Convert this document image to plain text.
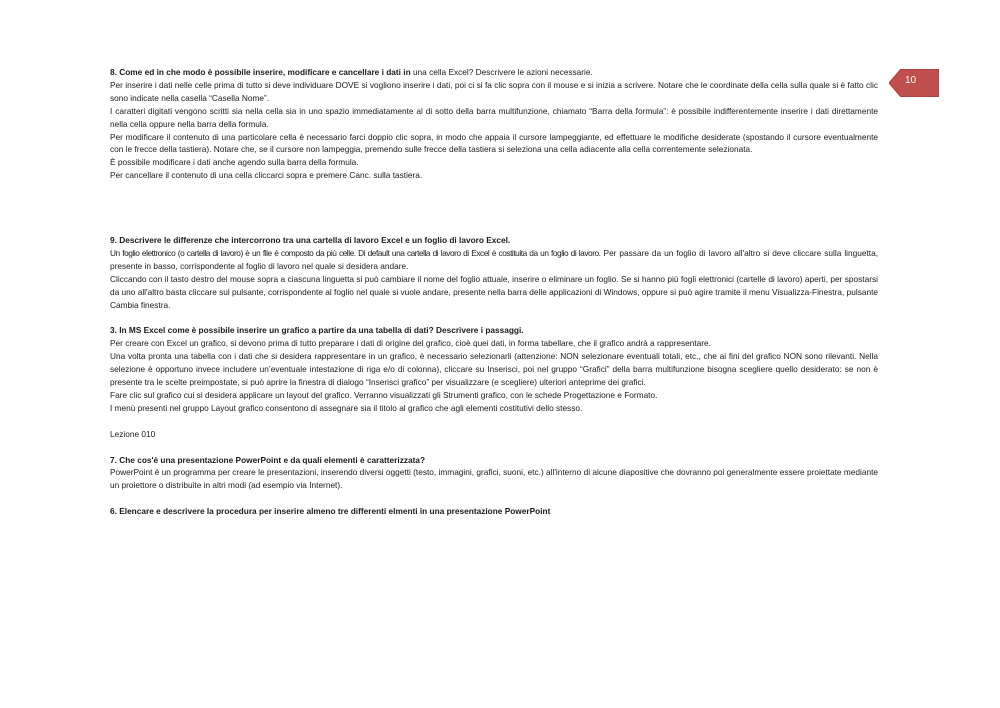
10

8. Come ed in che modo è possibile inserire, modificare e cancellare i dati in una cella Excel? Descrivere le azioni necessarie.

Per inserire i dati nelle celle prima di tutto si deve individuare DOVE si vogliono inserire i dati, poi ci si fa clic sopra con il mouse e si inizia a scrivere. Notare che le coordinate della cella sulla quale si è fatto clic sono indicate nella casella “Casella Nome”.

I caratteri digitati vengono scritti sia nella cella sia in uno spazio immediatamente al di sotto della barra multifunzione, chiamato “Barra della formula”: è possibile indifferentemente inserire i dati direttamente nella cella oppure nella barra della formula.

Per modificare il contenuto di una particolare cella è necessario farci doppio clic sopra, in modo che appaia il cursore lampeggiante, ed effettuare le modifiche desiderate (spostando il cursore eventualmente con le frecce della tastiera). Notare che, se il cursore non lampeggia, premendo sulle frecce della tastiera si seleziona una cella adiacente alla cella correntemente selezionata.

È possibile modificare i dati anche agendo sulla barra della formula.

Per cancellare il contenuto di una cella cliccarci sopra e premere Canc. sulla tastiera.

9. Descrivere le differenze che intercorrono tra una cartella di lavoro Excel e un foglio di lavoro Excel.

Un foglio elettronico (o cartella di lavoro) è un file è composto da più celle. Di default una cartella di lavoro di Excel è costituita da un foglio di lavoro. Per passare da un foglio di lavoro all'altro si deve cliccare sulla linguetta, presente in basso, corrispondente al foglio di lavoro nel quale si desidera andare.

Cliccando con il tasto destro del mouse sopra a ciascuna linguetta si può cambiare il nome del foglio attuale, inserire o eliminare un foglio. Se si hanno più fogli elettronici (cartelle di lavoro) aperti, per spostarsi da uno all'altro basta cliccare sul pulsante, corrispondente al foglio nel quale si vuole andare, presente nella barra delle applicazioni di Windows, oppure si può agire tramite il menu Visualizza-Finestra, pulsante Cambia finestra.

3. In MS Excel come è possibile inserire un grafico a partire da una tabella di dati? Descrivere i passaggi.

Per creare con Excel un grafico, si devono prima di tutto preparare i dati di origine del grafico, cioè quei dati, in forma tabellare, che il grafico andrà a rappresentare.

Una volta pronta una tabella con i dati che si desidera rappresentare in un grafico, è necessario selezionarli (attenzione: NON selezionare eventuali totali, etc., che ai fini del grafico NON sono rilevanti. Nella selezione è opportuno invece includere un’eventuale intestazione di riga e/o di colonna), cliccare su Inserisci, poi nel gruppo “Grafici” della barra multifunzione bisogna scegliere quello desiderato: se non è presente tra le scelte preimpostate, si può aprire la finestra di dialogo “Inserisci grafico” per visualizzare (e scegliere) ulteriori anteprime dei grafici.

Fare clic sul grafico cui si desidera applicare un layout del grafico. Verranno visualizzati gli Strumenti grafico, con le schede Progettazione e Formato.

I menù presenti nel gruppo Layout grafico consentono di assegnare sia il titolo al grafico che agli elementi costitutivi dello stesso.

Lezione 010

7. Che cos'è una presentazione PowerPoint e da quali elementi è caratterizzata?

PowerPoint è un programma per creare le presentazioni, inserendo diversi oggetti (testo, immagini, grafici, suoni, etc.) all'interno di alcune diapositive che dovranno poi generalmente essere proiettate mediante un proiettore o distribuite in altri modi (ad esempio via Internet).

6. Elencare e descrivere la procedura per inserire almeno tre differenti elmenti in una presentazione PowerPoint
